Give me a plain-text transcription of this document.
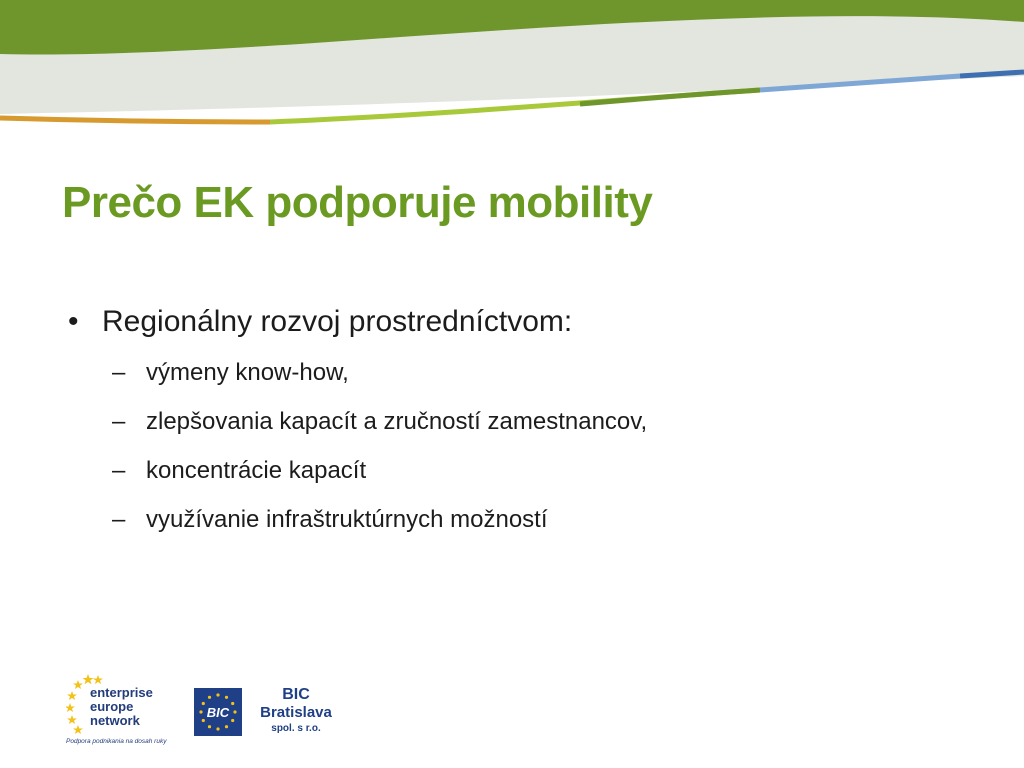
Prečo EK podporuje mobility
• Regionálny rozvoj prostredníctvom:
– výmeny know-how,
– zlepšovania kapacít a zručností zamestnancov,
– koncentrácie kapacít
– využívanie infraštruktúrnych možností
enterprise
europe
network
Podpora podnikania na dosah ruky
BIC
BIC
Bratislava
spol. s r.o.
